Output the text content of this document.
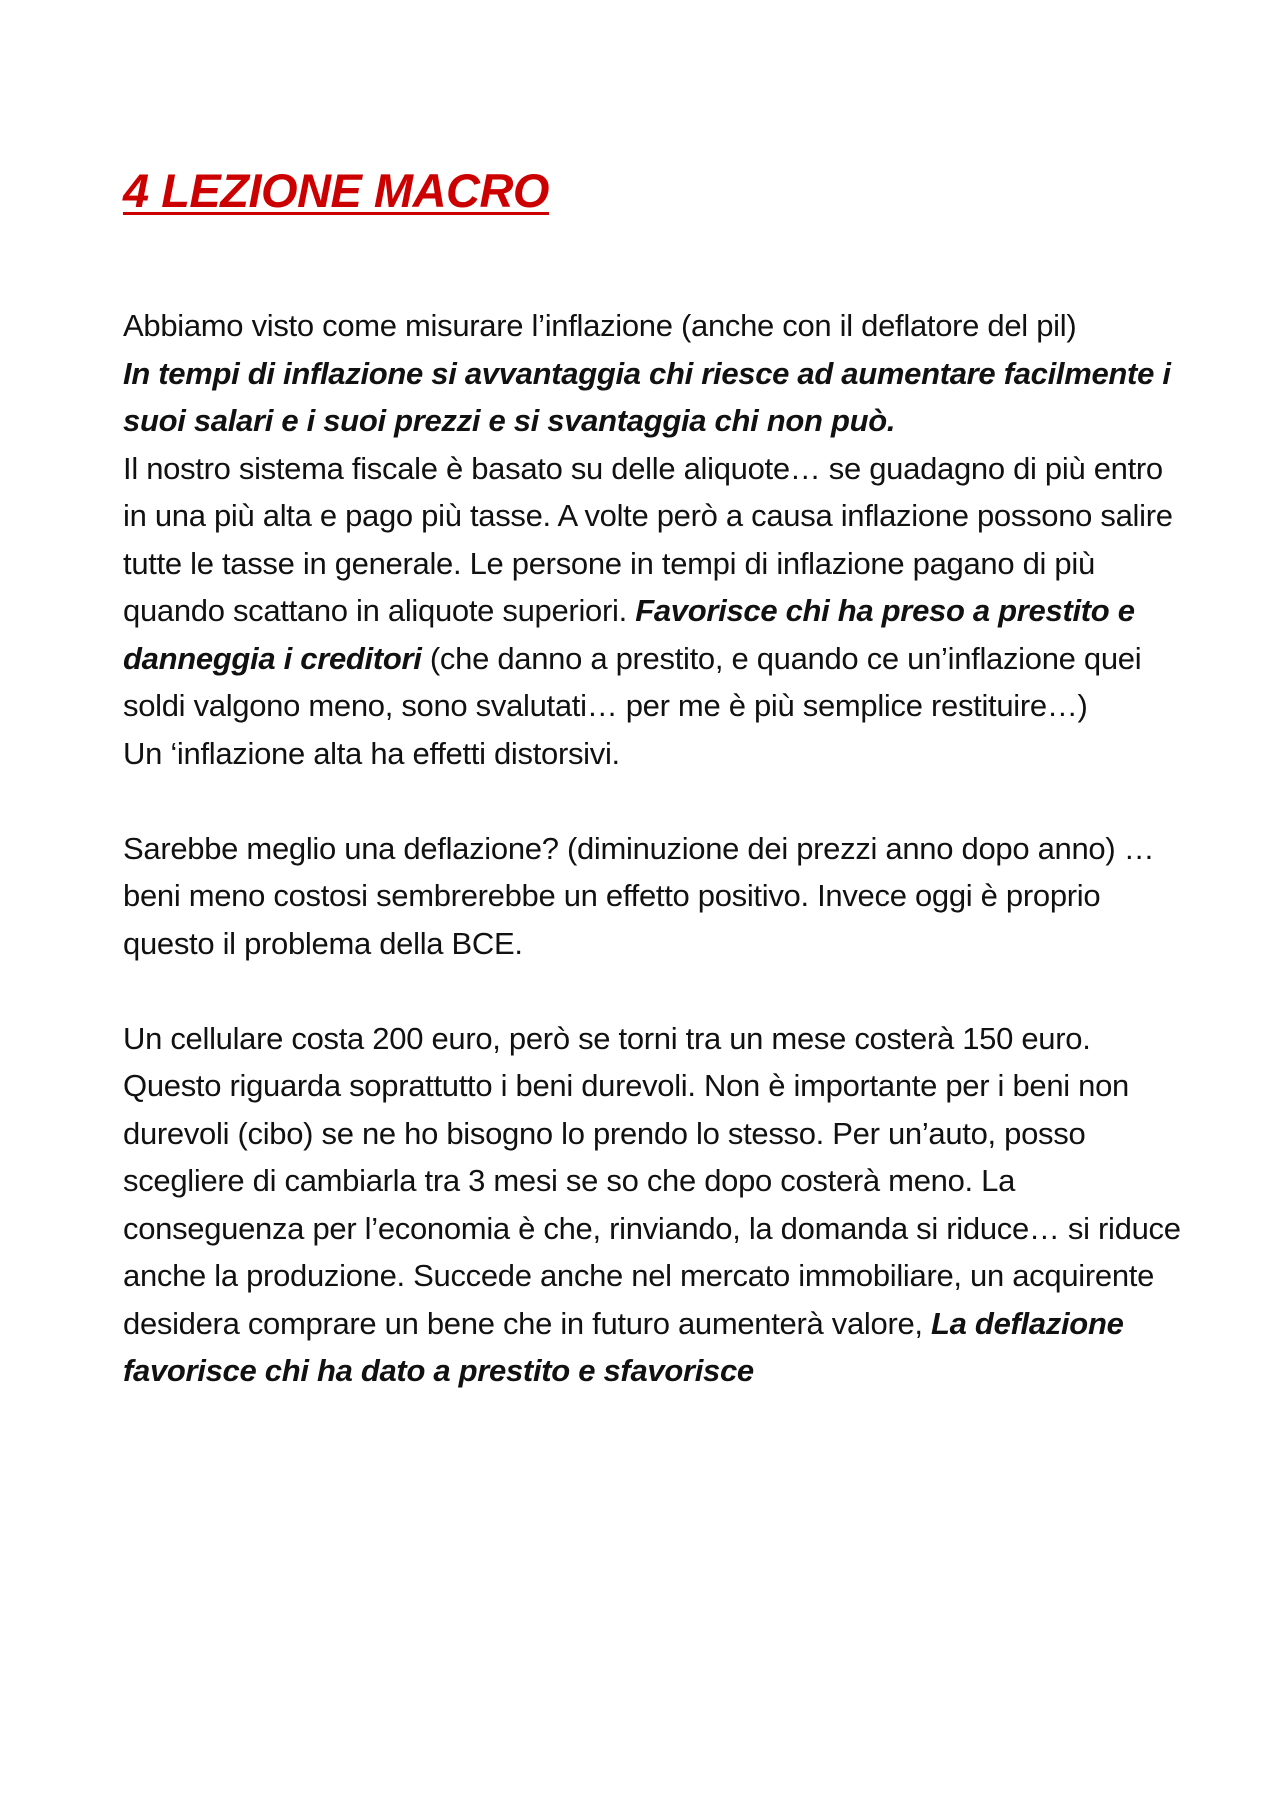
4 LEZIONE MACRO

Abbiamo visto come misurare l’inflazione (anche con il deflatore del pil)

In tempi di inflazione si avvantaggia chi riesce ad aumentare facilmente i suoi salari e i suoi prezzi e si svantaggia chi non può.

Il nostro sistema fiscale è basato su delle aliquote… se guadagno di più entro in una più alta e pago più tasse. A volte però a causa inflazione possono salire tutte le tasse in generale. Le persone in tempi di inflazione pagano di più quando scattano in aliquote superiori. Favorisce chi ha preso a prestito e danneggia i creditori (che danno a prestito, e quando ce un’inflazione quei soldi valgono meno, sono svalutati… per me è più semplice restituire…)

Un ‘inflazione alta ha effetti distorsivi.

Sarebbe meglio una deflazione? (diminuzione dei prezzi anno dopo anno) …beni meno costosi sembrerebbe un effetto positivo. Invece oggi è proprio questo il problema della BCE.

Un cellulare costa 200 euro, però se torni tra un mese costerà 150 euro. Questo riguarda soprattutto i beni durevoli. Non è importante per i beni non durevoli (cibo) se ne ho bisogno lo prendo lo stesso. Per un’auto, posso scegliere di cambiarla tra 3 mesi se so che dopo costerà meno. La conseguenza per l’economia è che, rinviando, la domanda si riduce… si riduce anche la produzione. Succede anche nel mercato immobiliare, un acquirente desidera comprare un bene che in futuro aumenterà valore, La deflazione favorisce chi ha dato a prestito e sfavorisce
